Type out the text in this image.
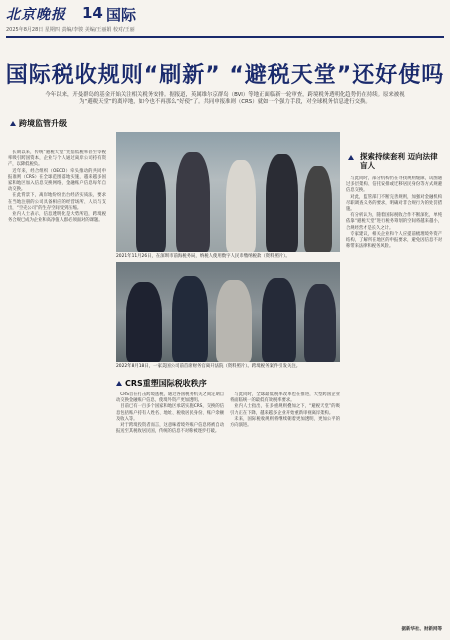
北京晚报 14 国际
2025年8月28日 星期四 责编/李骏 美编/王丽娟 校对/王丽
国际税收规则“刷新” “避税天堂”还好使吗

今年以来，开曼群岛的基金开始关注相关税务安排。据报道，英属维尔京群岛（BVI）等地正面临新一轮审查，跨境税务透明化趋势仍在持续。原来被视为“避税天堂”的离岸地，如今也不再那么“好使”了。共同申报准则（CRS）就如一个强力手段，对全球税务信息进行交换。

跨境监管升级

长期以来，传统“避税天堂”凭借低税率甚至零税率吸引跨国资本，企业与个人通过离岸公司持有资产，以降低税负。

近年来，经合组织（OECD）牵头推动的共同申报准则（CRS）在全球范围落地实施，越来越多国家和地区加入信息交换网络，金融账户信息每年自动交换。

在此背景下，离岸地纷纷出台经济实质法，要求在当地注册的公司具备相应的经营场所、人员与支出，“空壳公司”的生存空间受到压缩。

业内人士表示，信息透明化是大势所趋，跨境税务合规已成为企业和高净值人群必须面对的课题。

2021年11月26日，在深圳市前海税务局，纳税人使用数字人民币缴纳税款（资料照片）。

2022年8月18日，一家美国公司前首席财务官离开法院（资料照片）。跨境税务案件引发关注。

探索持续套利 迈向法律盲人

与此同时，部分机构仍在寻找规则缝隙，试图通过多层架构、信托安排或迁移居民身份等方式规避信息交换。

对此，监管部门不断完善规则，加强对金融机构尽职调查义务的要求，明确对非合规行为的处罚措施。

有分析认为，随着国际税收合作不断深化，单纯依靠“避税天堂”进行税务筹划的空间将越来越小，合规经营才是长久之计。

专家建议，相关企业和个人应提前梳理境外资产结构，了解所在地区的申报要求，避免因信息不对称带来法律和税务风险。

CRS重塑国际税收秩序

CRS旨在打击跨境逃税，通过各国税务机关之间定期自动交换金融账户信息，使境外资产更加透明。

目前已有一百多个国家和地区承诺实施CRS，交换的信息包括账户持有人姓名、地址、税收居民身份、账户余额及收入等。

对于跨境投资者而言，这意味着境外账户信息将被自动报送至其税收居民国，传统的信息不对称被逐步打破。

与此同时，全球最低税率改革也在推进，大型跨国企业将面临统一的最低有效税率要求。

业内人士指出，在多重规则叠加之下，“避税天堂”的吸引力正在下降，越来越多企业开始重新审视离岸架构。

未来，国际税收规则将继续朝着更加透明、更加公平的方向演进。

据新华社、财新网等
